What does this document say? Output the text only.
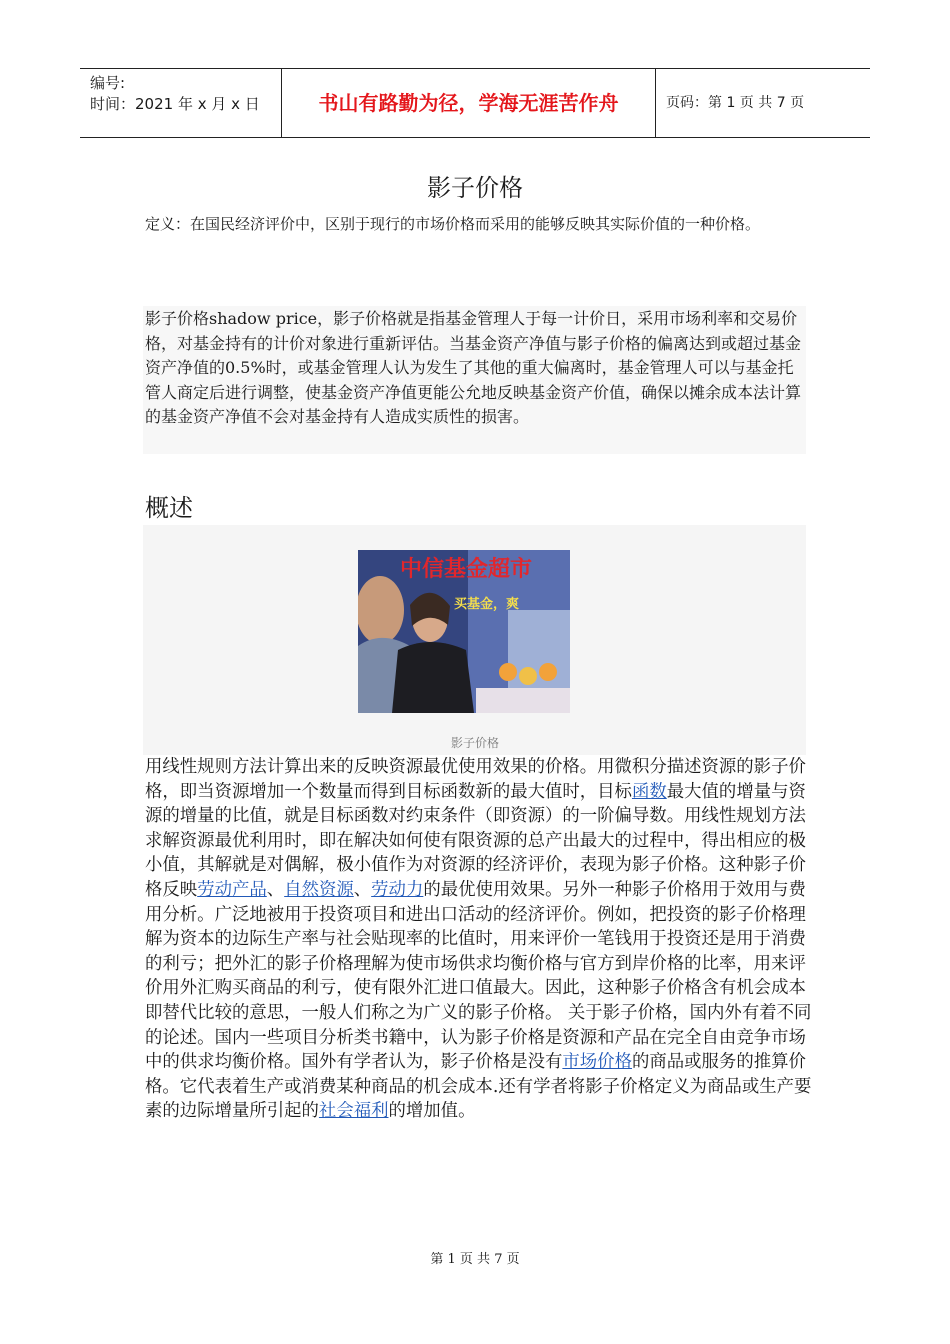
编号:
时间：2021 年 x 月 x 日	书山有路勤为径，学海无涯苦作舟	页码：第 1 页 共 7 页
影子价格
定义：在国民经济评价中，区别于现行的市场价格而采用的能够反映其实际价值的一种价格。
影子价格shadow price，影子价格就是指基金管理人于每一计价日，采用市场利率和交易价格，对基金持有的计价对象进行重新评估。当基金资产净值与影子价格的偏离达到或超过基金资产净值的0.5%时，或基金管理人认为发生了其他的重大偏离时，基金管理人可以与基金托管人商定后进行调整，使基金资产净值更能公允地反映基金资产价值，确保以摊余成本法计算的基金资产净值不会对基金持有人造成实质性的损害。
概述
中信基金超市
买基金，爽
影子价格
用线性规则方法计算出来的反映资源最优使用效果的价格。用微积分描述资源的影子价格，即当资源增加一个数量而得到目标函数新的最大值时，目标函数最大值的增量与资源的增量的比值，就是目标函数对约束条件（即资源）的一阶偏导数。用线性规划方法求解资源最优利用时，即在解决如何使有限资源的总产出最大的过程中，得出相应的极小值，其解就是对偶解，极小值作为对资源的经济评价，表现为影子价格。这种影子价格反映劳动产品、自然资源、劳动力的最优使用效果。另外一种影子价格用于效用与费用分析。广泛地被用于投资项目和进出口活动的经济评价。例如，把投资的影子价格理解为资本的边际生产率与社会贴现率的比值时，用来评价一笔钱用于投资还是用于消费的利亏；把外汇的影子价格理解为使市场供求均衡价格与官方到岸价格的比率，用来评价用外汇购买商品的利亏，使有限外汇进口值最大。因此，这种影子价格含有机会成本即替代比较的意思，一般人们称之为广义的影子价格。 关于影子价格，国内外有着不同的论述。国内一些项目分析类书籍中，认为影子价格是资源和产品在完全自由竞争市场中的供求均衡价格。国外有学者认为，影子价格是没有市场价格的商品或服务的推算价格。它代表着生产或消费某种商品的机会成本.还有学者将影子价格定义为商品或生产要素的边际增量所引起的社会福利的增加值。
第 1 页 共 7 页
